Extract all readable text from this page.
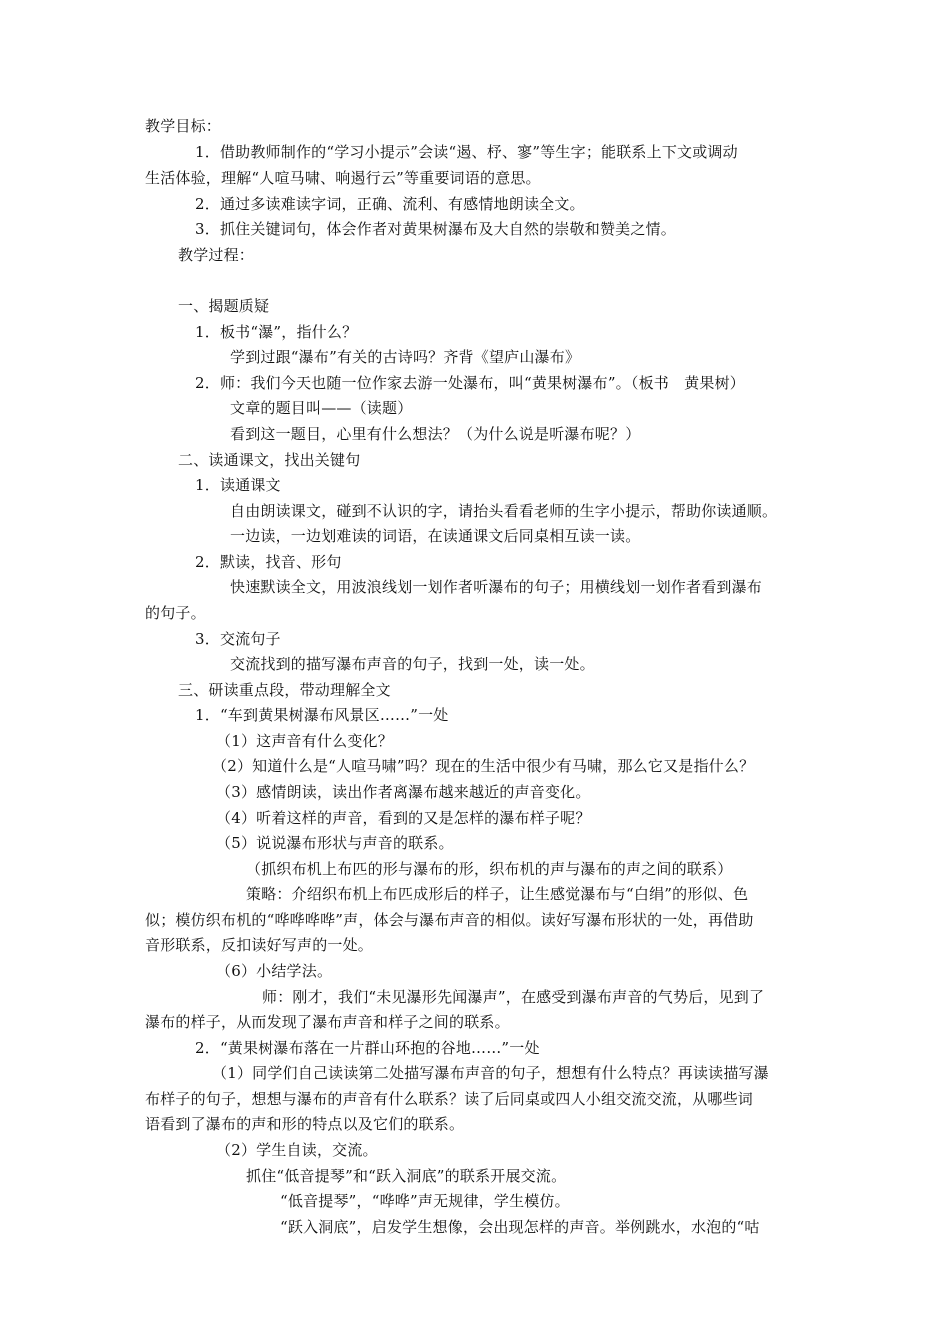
教学目标：
1．借助教师制作的“学习小提示”会读“遏、杼、寥”等生字；能联系上下文或调动
生活体验，理解“人喧马啸、响遏行云”等重要词语的意思。
2．通过多读难读字词，正确、流利、有感情地朗读全文。
3．抓住关键词句，体会作者对黄果树瀑布及大自然的崇敬和赞美之情。
教学过程：
一、揭题质疑
1．板书“瀑”，指什么？
学到过跟“瀑布”有关的古诗吗？齐背《望庐山瀑布》
2．师：我们今天也随一位作家去游一处瀑布，叫“黄果树瀑布”。（板书　黄果树）
文章的题目叫——（读题）
看到这一题目，心里有什么想法？（为什么说是听瀑布呢？）
二、读通课文，找出关键句
1．读通课文
自由朗读课文，碰到不认识的字，请抬头看看老师的生字小提示，帮助你读通顺。
一边读，一边划难读的词语，在读通课文后同桌相互读一读。
2．默读，找音、形句
快速默读全文，用波浪线划一划作者听瀑布的句子；用横线划一划作者看到瀑布
的句子。
3．交流句子
交流找到的描写瀑布声音的句子，找到一处，读一处。
三、研读重点段，带动理解全文
1．“车到黄果树瀑布风景区……”一处
（1）这声音有什么变化？
（2）知道什么是“人喧马啸”吗？现在的生活中很少有马啸，那么它又是指什么？
（3）感情朗读，读出作者离瀑布越来越近的声音变化。
（4）听着这样的声音，看到的又是怎样的瀑布样子呢？
（5）说说瀑布形状与声音的联系。
（抓织布机上布匹的形与瀑布的形，织布机的声与瀑布的声之间的联系）
策略：介绍织布机上布匹成形后的样子，让生感觉瀑布与“白绢”的形似、色
似；模仿织布机的“哗哗哗哗”声，体会与瀑布声音的相似。读好写瀑布形状的一处，再借助
音形联系，反扣读好写声的一处。
（6）小结学法。
师：刚才，我们“未见瀑形先闻瀑声”，在感受到瀑布声音的气势后，见到了
瀑布的样子，从而发现了瀑布声音和样子之间的联系。
2．“黄果树瀑布落在一片群山环抱的谷地……”一处
（1）同学们自己读读第二处描写瀑布声音的句子，想想有什么特点？再读读描写瀑
布样子的句子，想想与瀑布的声音有什么联系？读了后同桌或四人小组交流交流，从哪些词
语看到了瀑布的声和形的特点以及它们的联系。
（2）学生自读，交流。
抓住“低音提琴”和“跃入洞底”的联系开展交流。
“低音提琴”，“哗哗”声无规律，学生模仿。
“跃入洞底”，启发学生想像，会出现怎样的声音。举例跳水，水泡的“咕
